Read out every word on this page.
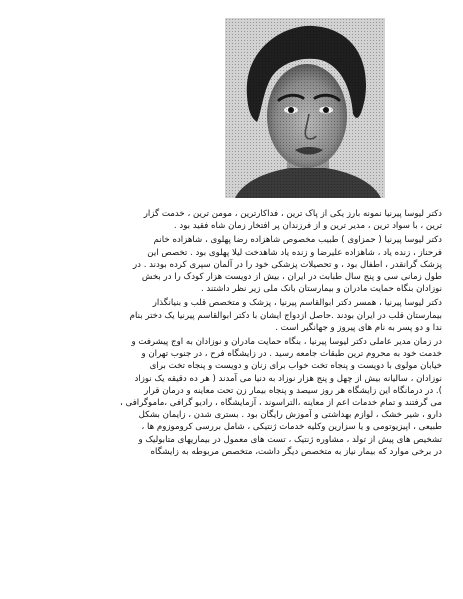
دکتر لیوسا پیرنیا نمونه بارز یکی از پاک ترین ، فداکارترین ، مومن ترین ، خدمت گزار
ترین ، با سواد ترین ، مدیر ترین و از فرزندان پر افتخار زمان شاه فقید بود .

دکتر لیوسا پیرنیا ( حمزاوی ) طبیب مخصوص شاهزاده رضا پهلوی ، شاهزاده خانم
فرحناز ، زنده یاد ، شاهزاده علیرضا و زنده یاد شاهدخت لیلا پهلوی بود . تخصص این
پزشک گرانقدر ، اطفال بود ، و تحصیلات پزشکی خود را در آلمان سپری کرده بودند . در
طول زمانی سی و پنج سال طبابت در ایران ، بیش از دویست هزار کودک را در بخش
نوزادان بنگاه حمایت مادران و بیمارستان بانک ملی زیر نظر داشتند .

دکتر لیوسا پیرنیا ، همسر دکتر ابوالقاسم پیرنیا ، پزشک و متخصص قلب و بنیانگذار
بیمارستان قلب در ایران بودند .حاصل ازدواج ایشان با دکتر ابوالقاسم پیرنیا یک دختر بنام
ندا و دو پسر به نام های پیروز و جهانگیر است .

در زمان مدیر عاملی دکتر لیوسا پیرنیا ، بنگاه حمایت مادران و نوزادان به اوج پیشرفت و
خدمت خود به محروم ترین طبقات جامعه رسید . در زایشگاه فرح ، در جنوب تهران و
خیابان مولوی با دویست و پنجاه تخت خواب برای زنان و دویست و پنجاه تخت برای
نوزادان ، سالیانه بیش از چهل و پنج هزار نوزاد به دنیا می آمدند ( هر ده دقیقه یک نوزاد
). در درمانگاه این زایشگاه هر روز سیصد و پنجاه بیمار زن تحت معاینه و درمان قرار
می گرفتند و تمام خدمات اعم از معاینه ،التراسوند ، آزمایشگاه ، رادیو گرافی ،ماموگرافی ،
دارو ، شیر خشک ، لوازم بهداشتی و آموزش رایگان بود . بستری شدن ، زایمان بشکل
طبیعی ، اپیزیوتومی و یا سزارین وکلیه خدمات ژنتیکی ، شامل بررسی کروموزوم ها ،
تشخیص های پیش از تولد ، مشاوره ژنتیک ، تست های معمول در بیماریهای متابولیک و
در برخی موارد که بیمار نیاز به متخصص دیگر داشت، متخصص مربوطه به زایشگاه
